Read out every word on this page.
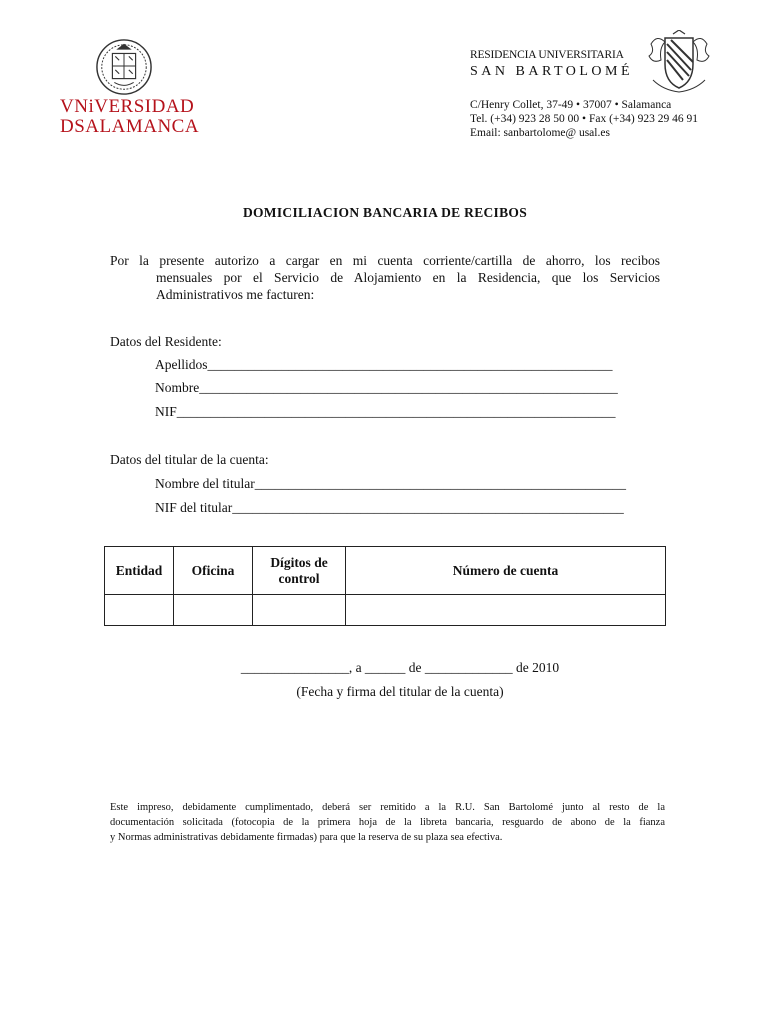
VNiVERSIDAD
DSALAMANCA
RESIDENCIA UNIVERSITARIA
SAN BARTOLOMÉ
C/Henry Collet, 37-49 • 37007 • Salamanca
Tel. (+34) 923 28 50 00 • Fax (+34) 923 29 46 91
Email: sanbartolome@ usal.es
DOMICILIACION BANCARIA DE RECIBOS
Por la presente autorizo a cargar en mi cuenta corriente/cartilla de ahorro, los recibos
mensuales por el Servicio de Alojamiento en la Residencia, que los Servicios
Administrativos me facturen:
Datos del Residente:
Apellidos____________________________________________________________
Nombre______________________________________________________________
NIF_________________________________________________________________
Datos del titular de la cuenta:
Nombre del titular_______________________________________________________
NIF del titular__________________________________________________________
Entidad	Oficina	Dígitos de control	Número de cuenta

________________, a ______ de _____________ de 2010
(Fecha y firma del titular de la cuenta)
Este impreso, debidamente cumplimentado, deberá ser remitido a la R.U. San Bartolomé junto al resto de la
documentación solicitada (fotocopia de la primera hoja de la libreta bancaria, resguardo de abono de la fianza
y Normas administrativas debidamente firmadas) para que la reserva de su plaza sea efectiva.
